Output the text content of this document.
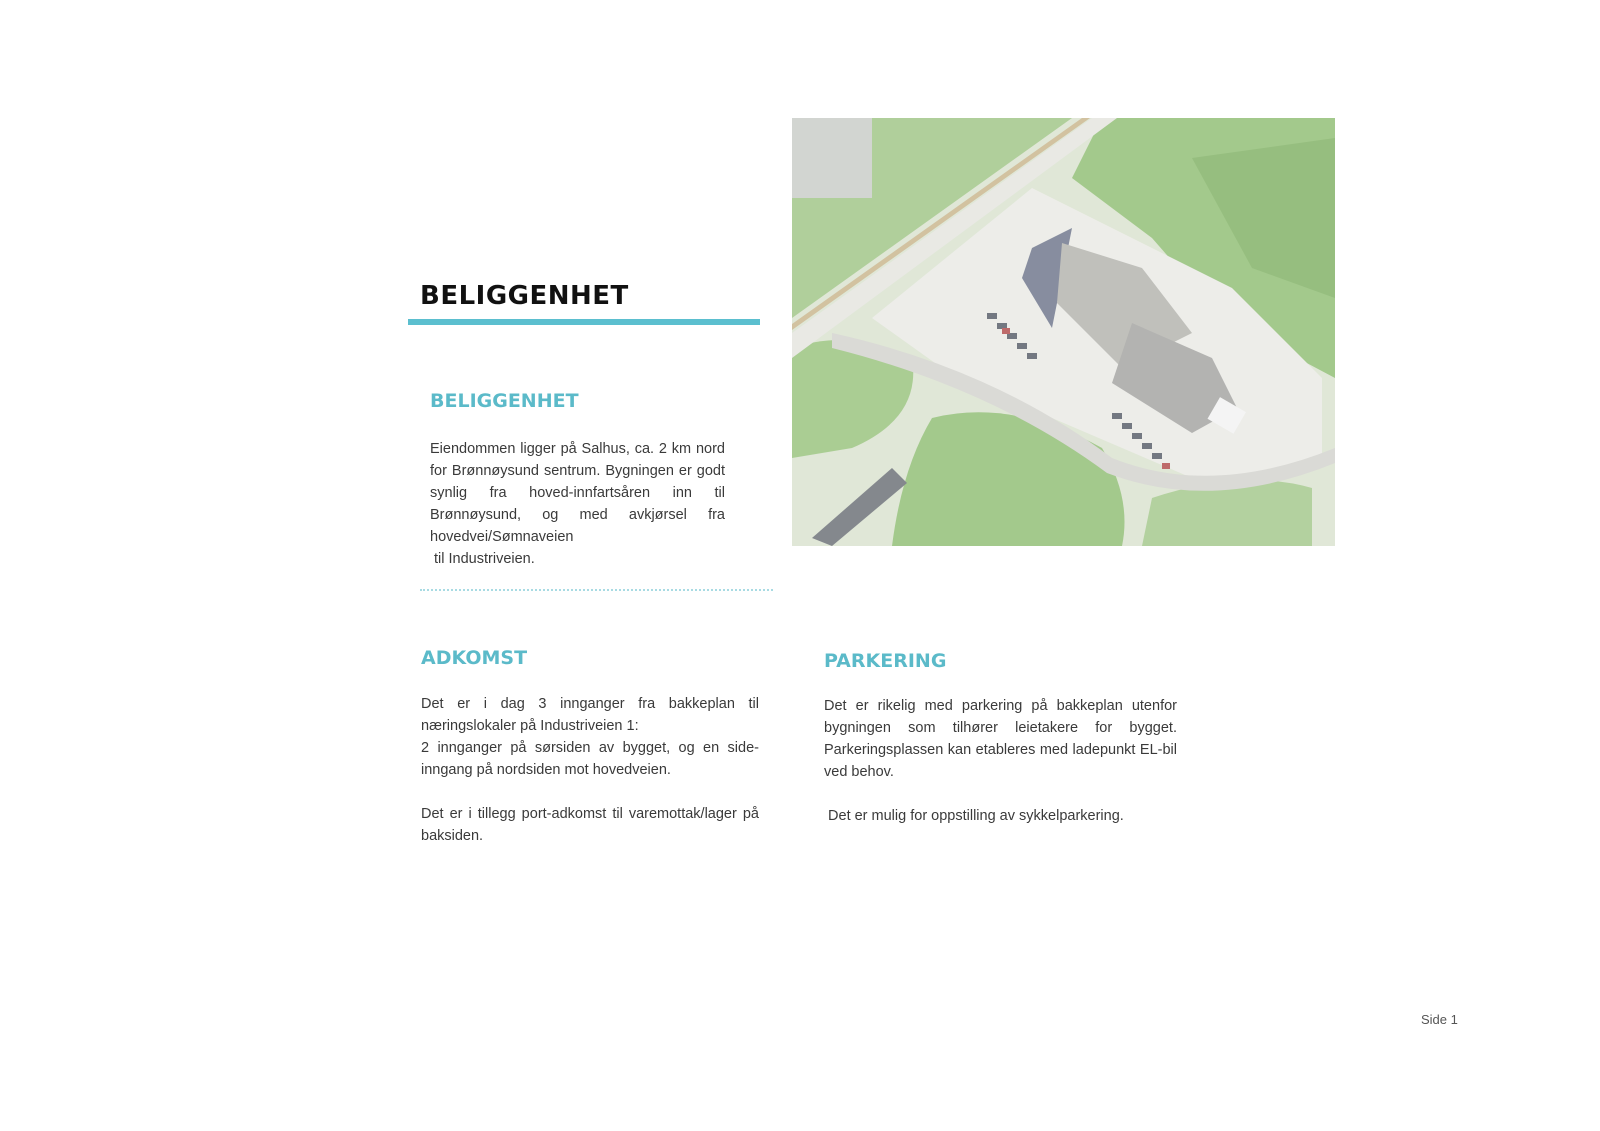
BELIGGENHET
BELIGGENHET

Eiendommen ligger på Salhus, ca. 2 km nord for Brønnøysund sentrum. Bygningen er godt synlig fra hoved-innfartsåren inn til Brønnøysund, og med avkjørsel fra hovedvei/Sømnaveien

til Industriveien.

ADKOMST

Det er i dag 3 innganger fra bakkeplan til næringslokaler på Industriveien 1:

2 innganger på sørsiden av bygget, og en side-inngang på nordsiden mot hovedveien.

Det er i tillegg port-adkomst til varemottak/lager på baksiden.

PARKERING

Det er rikelig med parkering på bakkeplan utenfor bygningen som tilhører leietakere for bygget. Parkeringsplassen kan etableres med ladepunkt EL-bil ved behov.

Det er mulig for oppstilling av sykkelparkering.

Side 1
